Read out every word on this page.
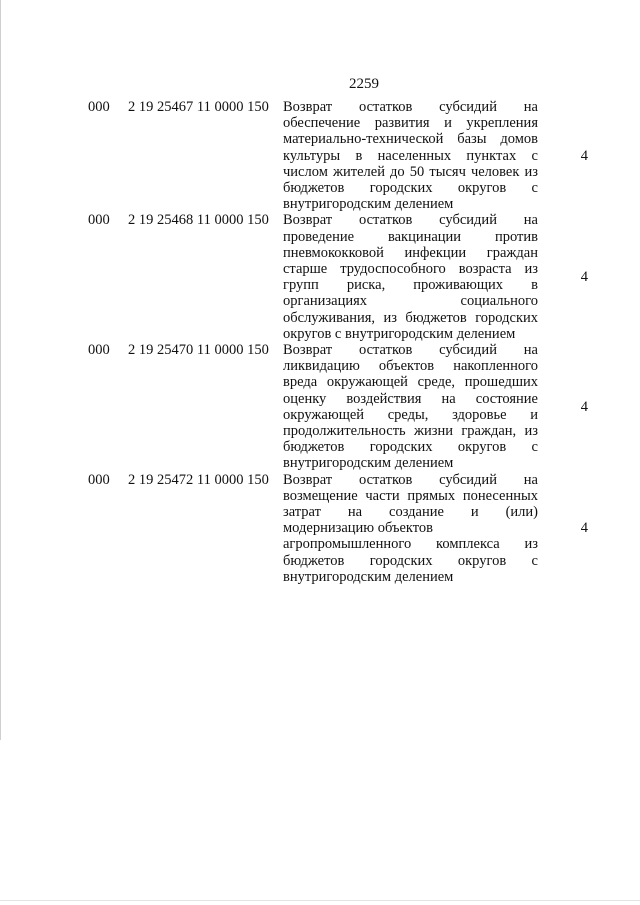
2259
000	2 19 25467 11 0000 150 Возврат остатков субсидий на
обеспечение развития и укрепления
материально-технической базы домов
культуры в населенных пунктах с
числом жителей до 50 тысяч человек из
бюджетов городских округов с
внутригородским делением
4
000	2 19 25468 11 0000 150 Возврат остатков субсидий на
проведение вакцинации против
пневмококковой инфекции граждан
старше трудоспособного возраста из
групп риска, проживающих в
организациях социального
обслуживания, из бюджетов городских
округов с внутригородским делением
4
000	2 19 25470 11 0000 150 Возврат остатков субсидий на
ликвидацию объектов накопленного
вреда окружающей среде, прошедших
оценку воздействия на состояние
окружающей среды, здоровье и
продолжительность жизни граждан, из
бюджетов городских округов с
внутригородским делением
4
000	2 19 25472 11 0000 150 Возврат остатков субсидий на
возмещение части прямых понесенных
затрат на создание и (или)
модернизацию объектов
агропромышленного комплекса из
бюджетов городских округов с
внутригородским делением
4
